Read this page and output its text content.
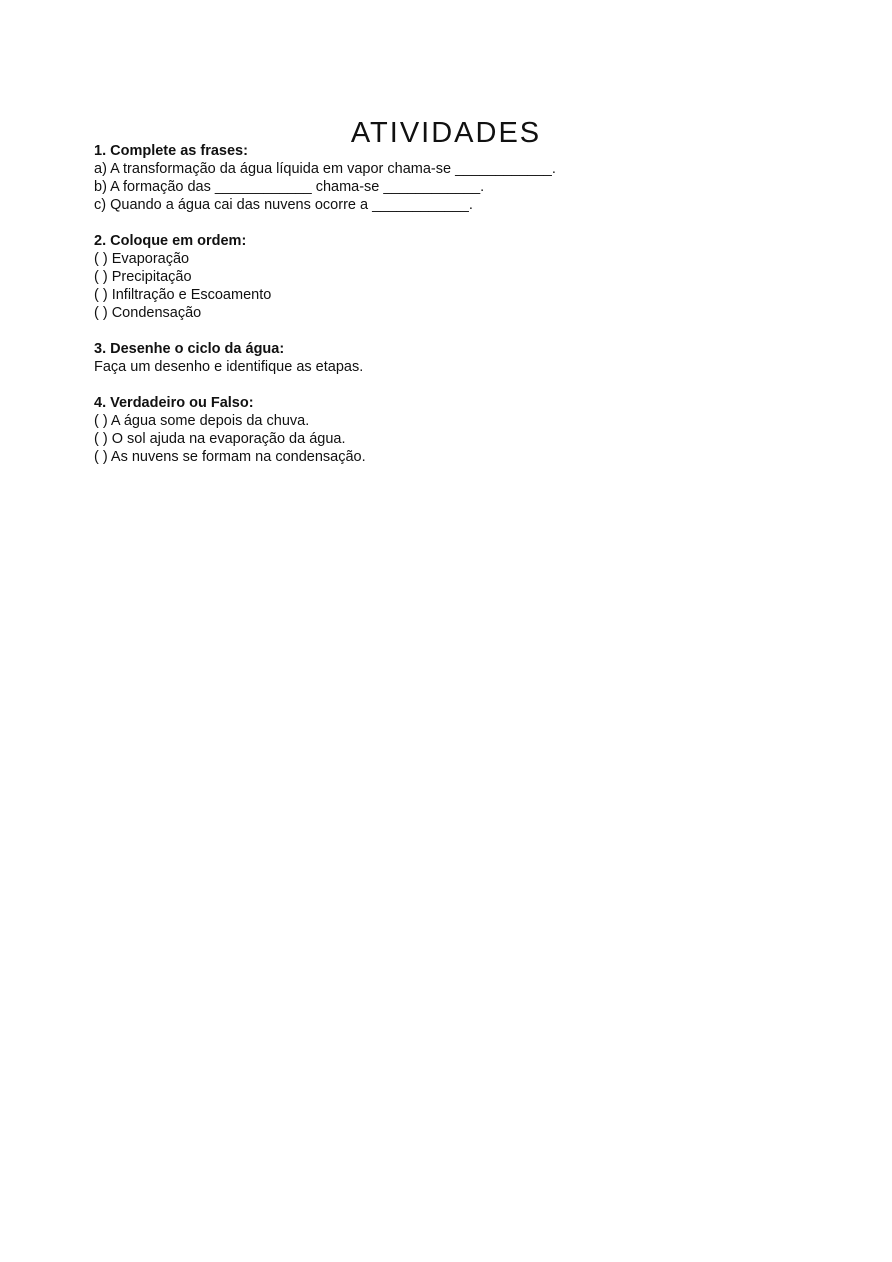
ATIVIDADES
1. Complete as frases:
a) A transformação da água líquida em vapor chama-se ____________.
b) A formação das ____________ chama-se ____________.
c) Quando a água cai das nuvens ocorre a ____________.
2. Coloque em ordem:
( ) Evaporação
( ) Precipitação
( ) Infiltração e Escoamento
( ) Condensação
3. Desenhe o ciclo da água:
Faça um desenho e identifique as etapas.
4. Verdadeiro ou Falso:
( ) A água some depois da chuva.
( ) O sol ajuda na evaporação da água.
( ) As nuvens se formam na condensação.
